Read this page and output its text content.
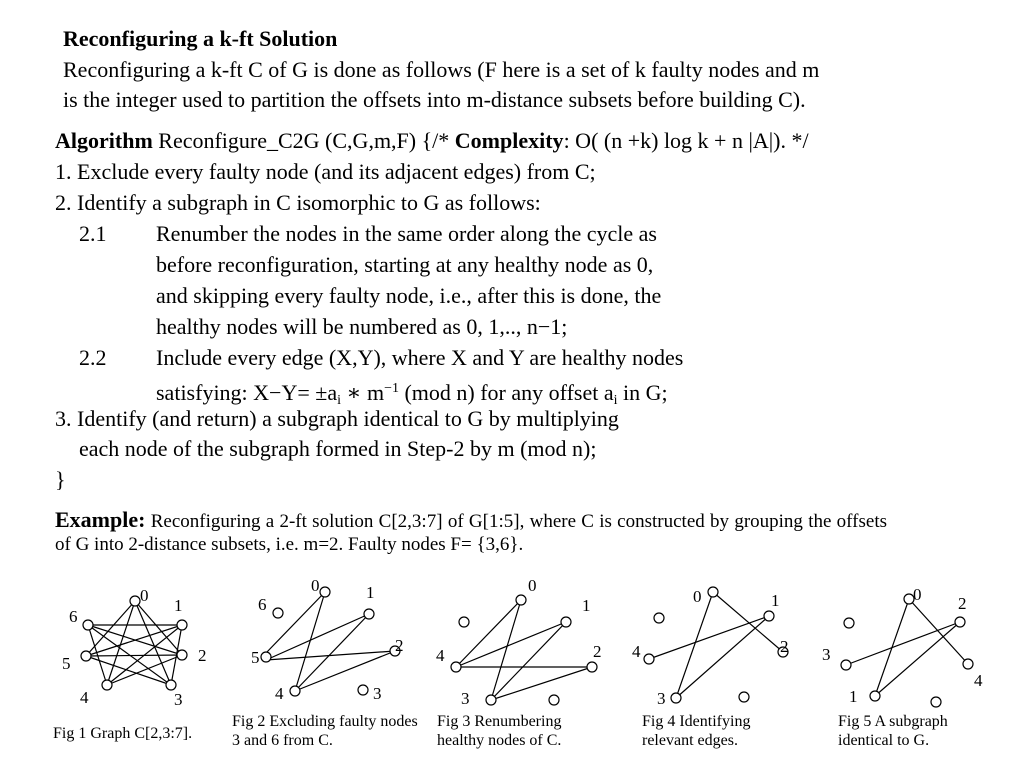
Reconfiguring a k-ft Solution
Reconfiguring a k-ft C of G is done as follows (F here is a set of k faulty nodes and m
is the integer used to partition the offsets into m-distance subsets before building C).
Algorithm Reconfigure_C2G (C,G,m,F) {/* Complexity: O( (n +k) log k + n |A|). */
1. Exclude every faulty node (and its adjacent edges) from C;
2. Identify a subgraph in C isomorphic to G as follows:
2.1 Renumber the nodes in the same order along the cycle as
before reconfiguration, starting at any healthy node as 0,
and skipping every faulty node, i.e., after this is done, the
healthy nodes will be numbered as 0, 1,.., n−1;
2.2 Include every edge (X,Y), where X and Y are healthy nodes
satisfying: $X-Y= \pm a_i$ ∗ $m^{-1}$ (mod n) for any offset $a_i$ in G;
3. Identify (and return) a subgraph identical to G by multiplying
each node of the subgraph formed in Step-2 by m (mod n);
}
Example: Reconfiguring a 2-ft solution C[2,3:7] of G[1:5], where C is constructed by grouping the offsets of G into 2-distance subsets, i.e. m=2. Faulty nodes F= {3,6}.
0
1
2
3
4
5
6
0	1
2
3
4
5
6
0
1
2
3
4
0	1
2
3
4
0 2
4
1
3
Fig 1 Graph C[2,3:7].
Fig 2 Excluding faulty nodes 3 and 6 from C.
Fig 3 Renumbering healthy nodes of C.
Fig 4 Identifying relevant edges.
Fig 5 A subgraph identical to G.
